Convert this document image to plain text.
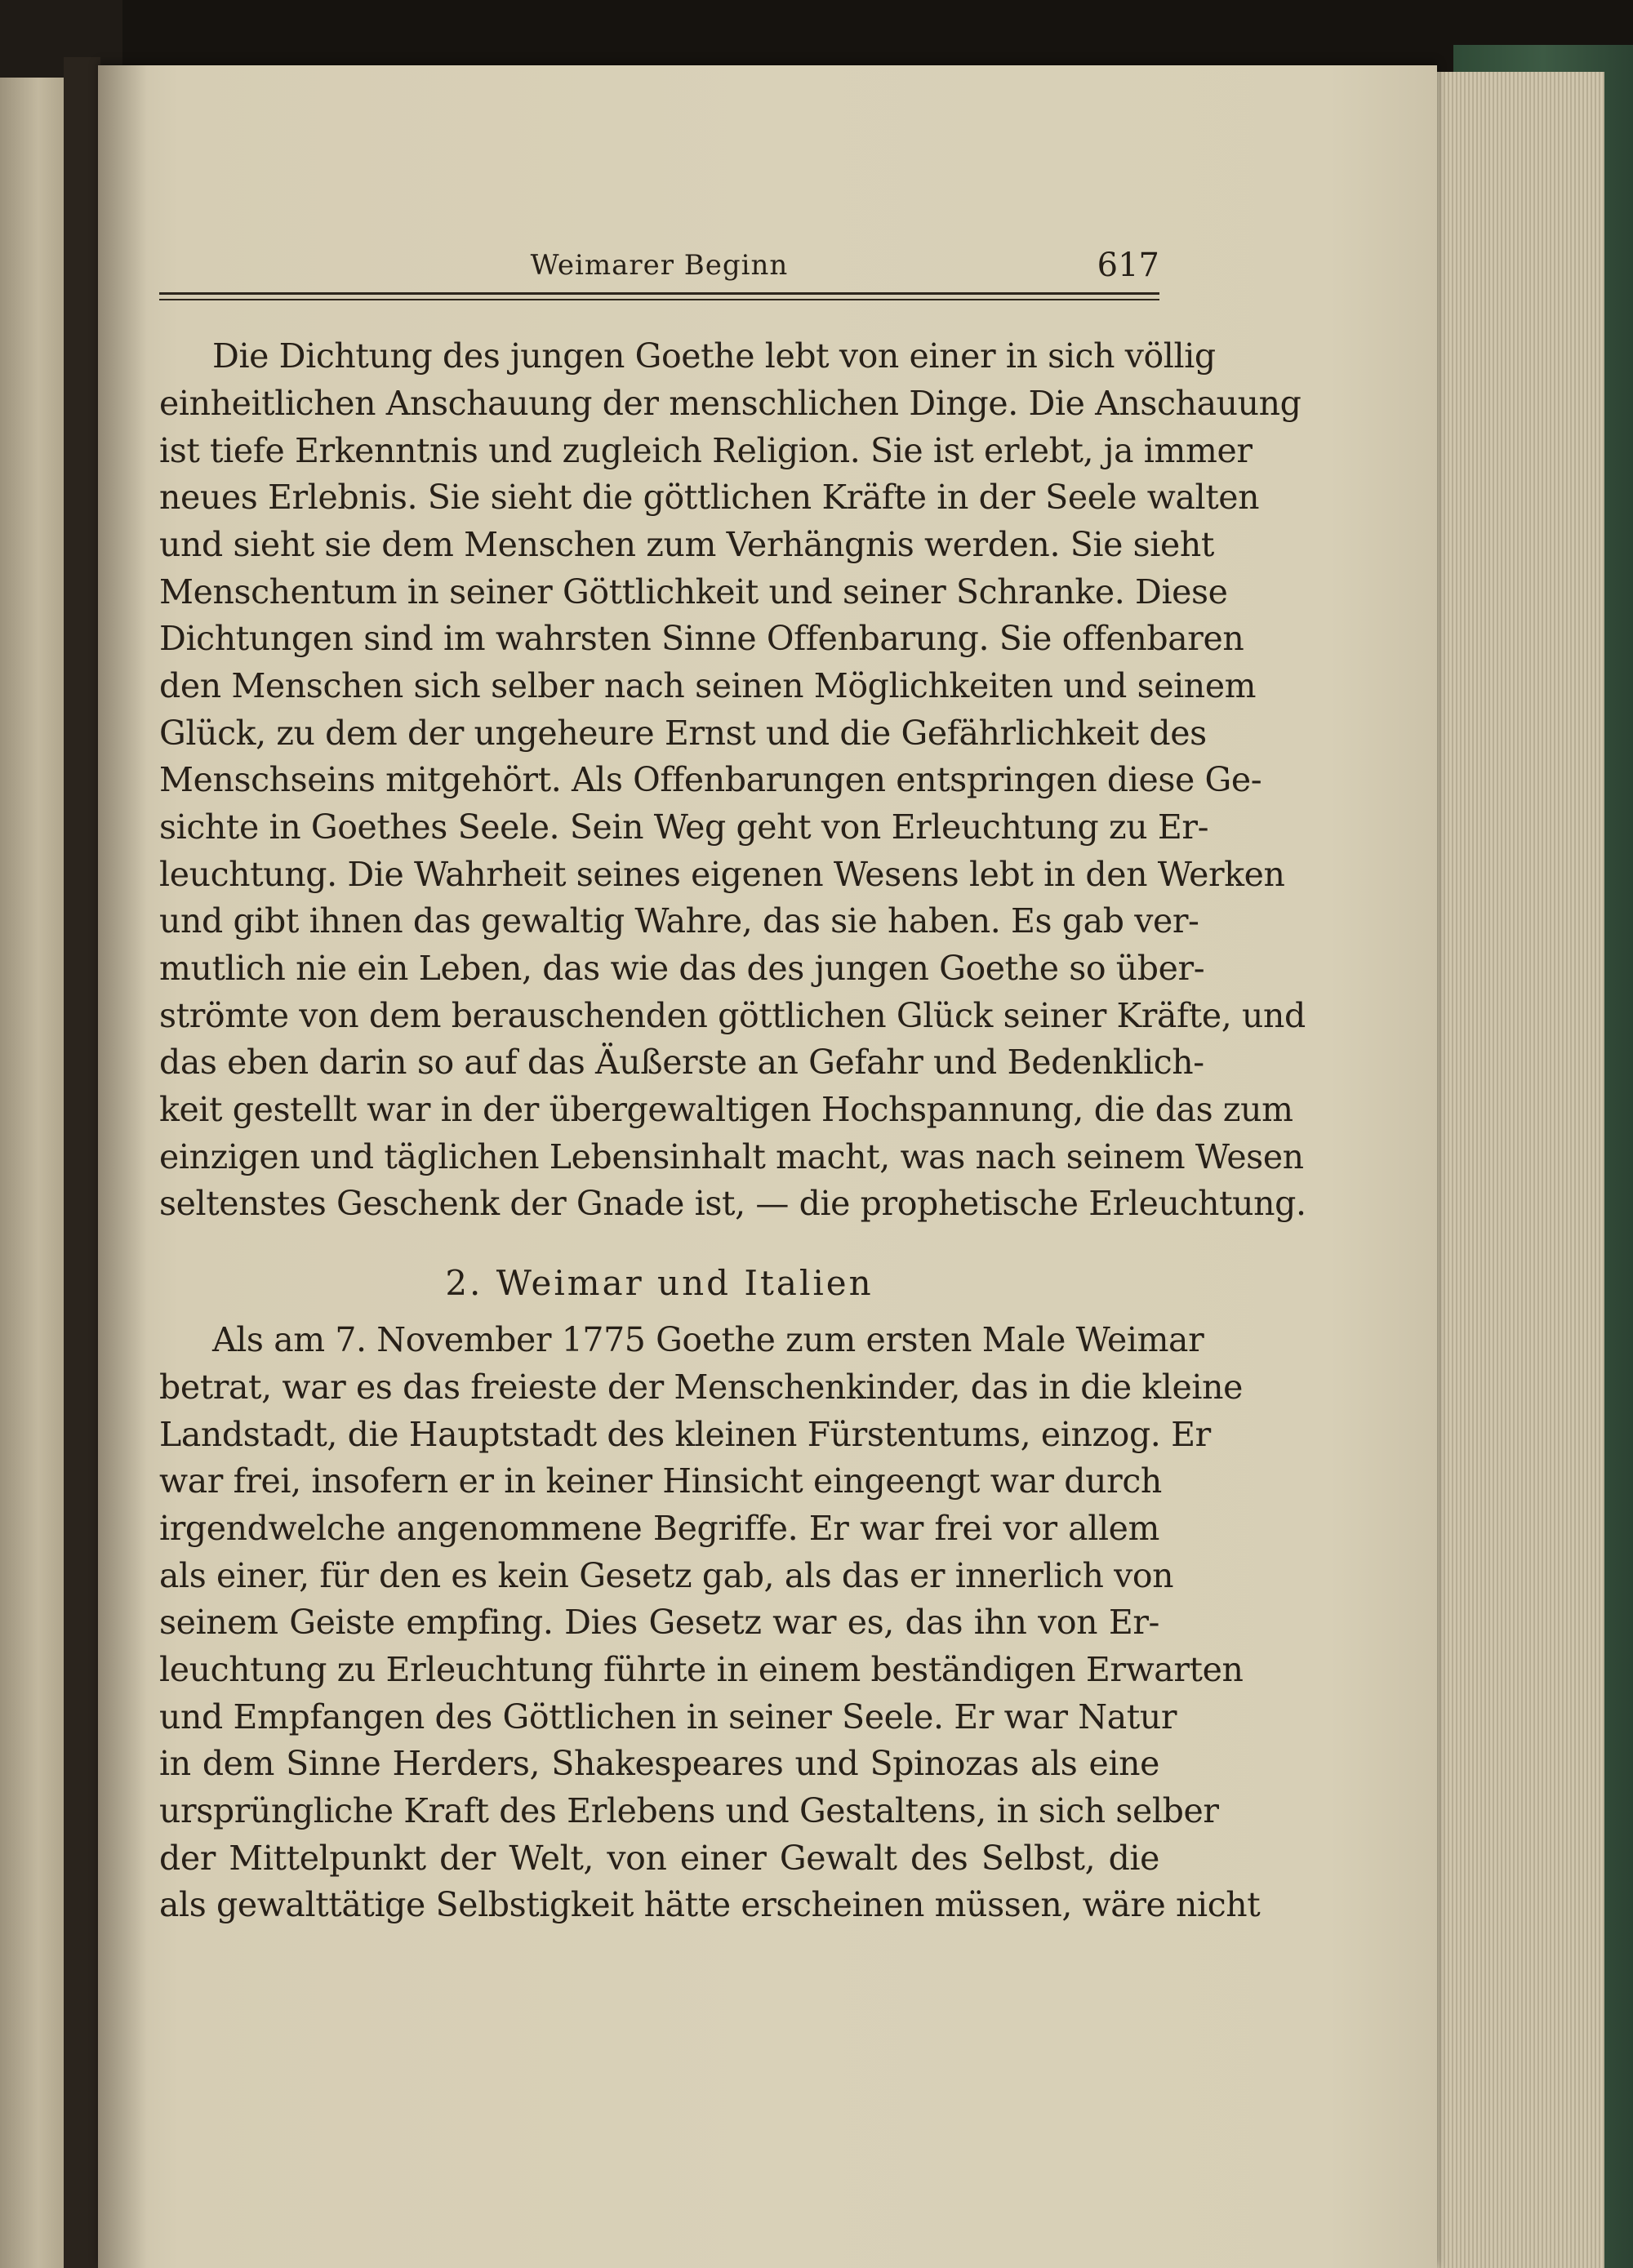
Weimarer Beginn	617
Die Dichtung des jungen Goethe lebt von einer in sich völlig
einheitlichen Anschauung der menschlichen Dinge. Die Anschauung
ist tiefe Erkenntnis und zugleich Religion. Sie ist erlebt, ja immer
neues Erlebnis. Sie sieht die göttlichen Kräfte in der Seele walten
und sieht sie dem Menschen zum Verhängnis werden. Sie sieht
Menschentum in seiner Göttlichkeit und seiner Schranke. Diese
Dichtungen sind im wahrsten Sinne Offenbarung. Sie offenbaren
den Menschen sich selber nach seinen Möglichkeiten und seinem
Glück, zu dem der ungeheure Ernst und die Gefährlichkeit des
Menschseins mitgehört. Als Offenbarungen entspringen diese Ge-
sichte in Goethes Seele. Sein Weg geht von Erleuchtung zu Er-
leuchtung. Die Wahrheit seines eigenen Wesens lebt in den Werken
und gibt ihnen das gewaltig Wahre, das sie haben. Es gab ver-
mutlich nie ein Leben, das wie das des jungen Goethe so über-
strömte von dem berauschenden göttlichen Glück seiner Kräfte, und
das eben darin so auf das Äußerste an Gefahr und Bedenklich-
keit gestellt war in der übergewaltigen Hochspannung, die das zum
einzigen und täglichen Lebensinhalt macht, was nach seinem Wesen
seltenstes Geschenk der Gnade ist, — die prophetische Erleuchtung.
2. Weimar und Italien
Als am 7. November 1775 Goethe zum ersten Male Weimar
betrat, war es das freieste der Menschenkinder, das in die kleine
Landstadt, die Hauptstadt des kleinen Fürstentums, einzog. Er
war frei, insofern er in keiner Hinsicht eingeengt war durch
irgendwelche angenommene Begriffe. Er war frei vor allem
als einer, für den es kein Gesetz gab, als das er innerlich von
seinem Geiste empfing. Dies Gesetz war es, das ihn von Er-
leuchtung zu Erleuchtung führte in einem beständigen Erwarten
und Empfangen des Göttlichen in seiner Seele. Er war Natur
in dem Sinne Herders, Shakespeares und Spinozas als eine
ursprüngliche Kraft des Erlebens und Gestaltens, in sich selber
der Mittelpunkt der Welt, von einer Gewalt des Selbst, die
als gewalttätige Selbstigkeit hätte erscheinen müssen, wäre nicht
